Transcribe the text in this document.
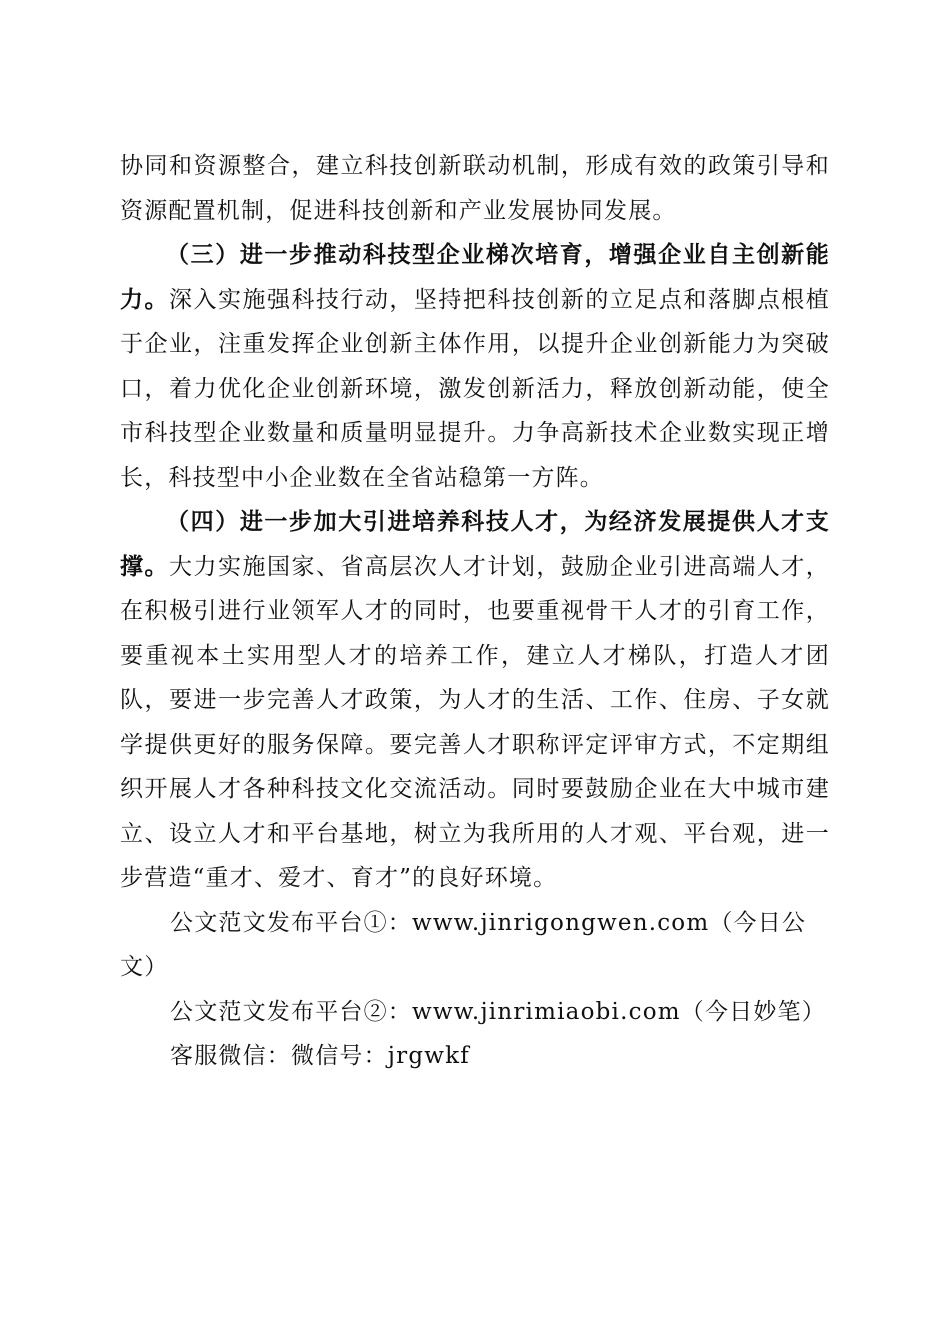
协同和资源整合，建立科技创新联动机制，形成有效的政策引导和资源配置机制，促进科技创新和产业发展协同发展。

（三）进一步推动科技型企业梯次培育，增强企业自主创新能力。深入实施强科技行动，坚持把科技创新的立足点和落脚点根植于企业，注重发挥企业创新主体作用，以提升企业创新能力为突破口，着力优化企业创新环境，激发创新活力，释放创新动能，使全市科技型企业数量和质量明显提升。力争高新技术企业数实现正增长，科技型中小企业数在全省站稳第一方阵。

（四）进一步加大引进培养科技人才，为经济发展提供人才支撑。大力实施国家、省高层次人才计划，鼓励企业引进高端人才，在积极引进行业领军人才的同时，也要重视骨干人才的引育工作，要重视本土实用型人才的培养工作，建立人才梯队，打造人才团队，要进一步完善人才政策，为人才的生活、工作、住房、子女就学提供更好的服务保障。要完善人才职称评定评审方式，不定期组织开展人才各种科技文化交流活动。同时要鼓励企业在大中城市建立、设立人才和平台基地，树立为我所用的人才观、平台观，进一步营造“重才、爱才、育才”的良好环境。

公文范文发布平台①：www.jinrigongwen.com（今日公文）

公文范文发布平台②：www.jinrimiaobi.com（今日妙笔）

客服微信：微信号：jrgwkf
